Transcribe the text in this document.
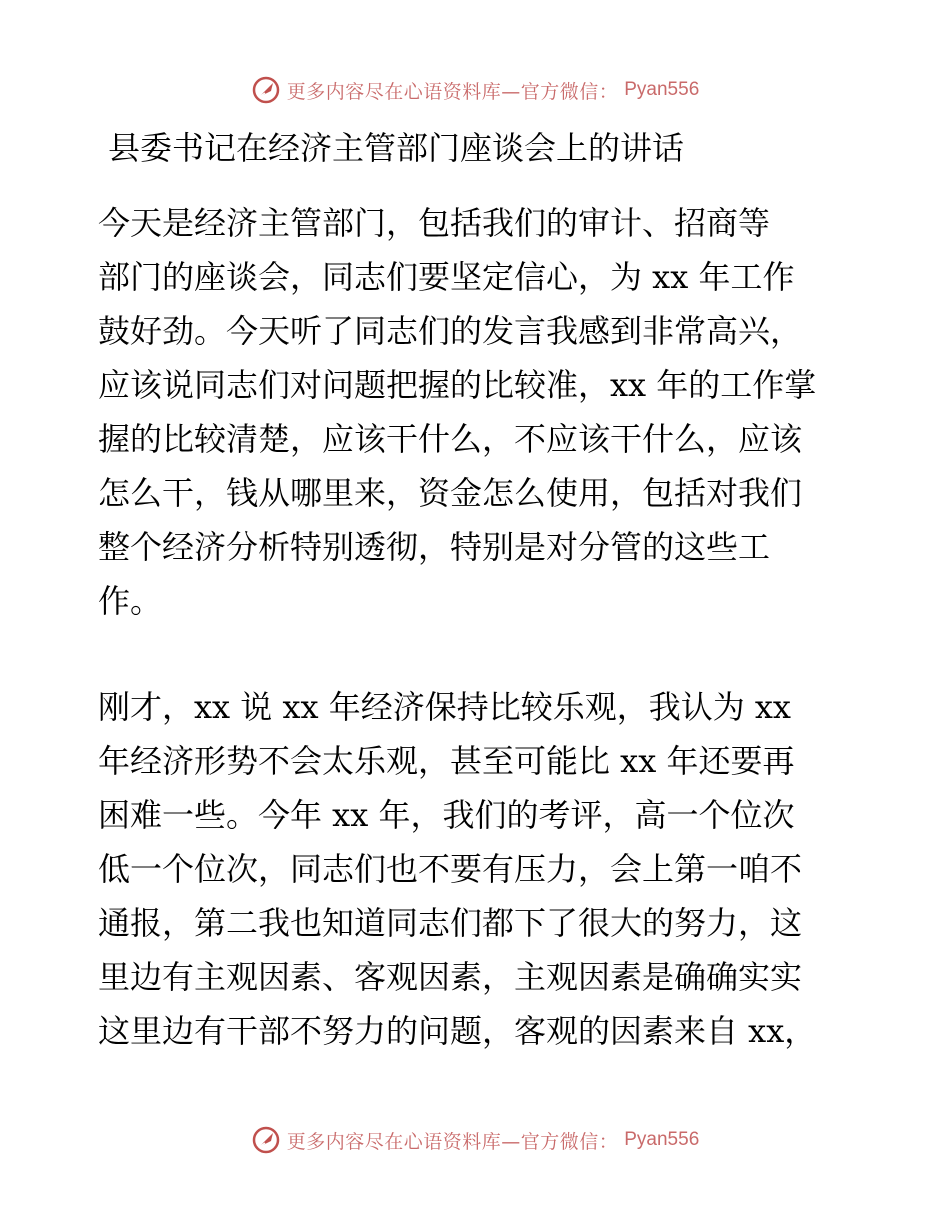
更多内容尽在心语资料库—官方微信： Pyan556
县委书记在经济主管部门座谈会上的讲话
今天是经济主管部门，包括我们的审计、招商等
部门的座谈会，同志们要坚定信心，为 xx 年工作
鼓好劲。今天听了同志们的发言我感到非常高兴，
应该说同志们对问题把握的比较准，xx 年的工作掌
握的比较清楚，应该干什么，不应该干什么，应该
怎么干，钱从哪里来，资金怎么使用，包括对我们
整个经济分析特别透彻，特别是对分管的这些工
作。
刚才，xx 说 xx 年经济保持比较乐观，我认为 xx
年经济形势不会太乐观，甚至可能比 xx 年还要再
困难一些。今年 xx 年，我们的考评，高一个位次
低一个位次，同志们也不要有压力，会上第一咱不
通报，第二我也知道同志们都下了很大的努力，这
里边有主观因素、客观因素，主观因素是确确实实
这里边有干部不努力的问题，客观的因素来自 xx，
更多内容尽在心语资料库—官方微信： Pyan556
